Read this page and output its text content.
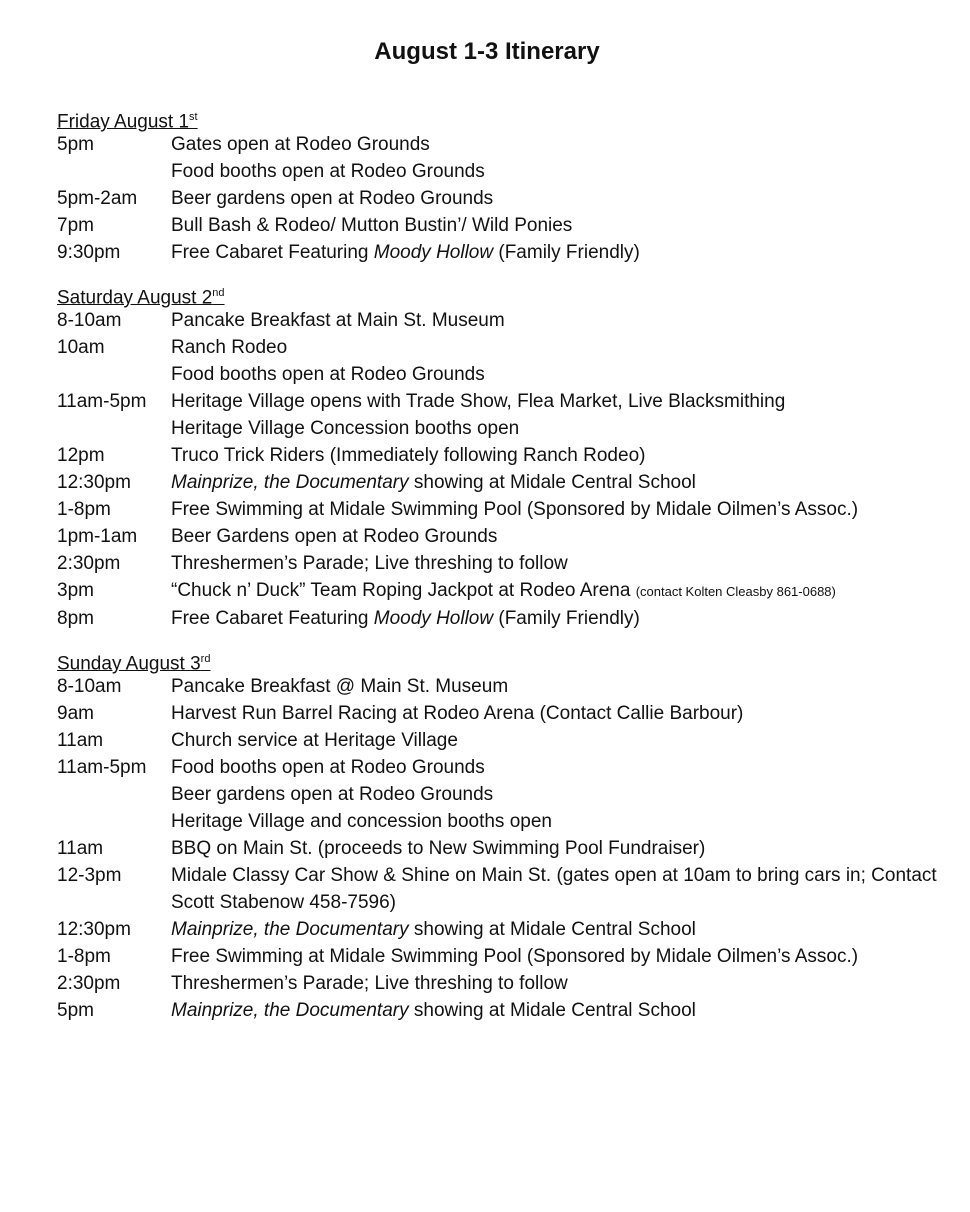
August 1-3 Itinerary
Friday August 1st
5pm	Gates open at Rodeo Grounds
Food booths open at Rodeo Grounds
5pm-2am	Beer gardens open at Rodeo Grounds
7pm	Bull Bash & Rodeo/ Mutton Bustin’/ Wild Ponies
9:30pm	Free Cabaret Featuring Moody Hollow (Family Friendly)
Saturday August 2nd
8-10am	Pancake Breakfast at Main St. Museum
10am	Ranch Rodeo
Food booths open at Rodeo Grounds
11am-5pm	Heritage Village opens with Trade Show, Flea Market, Live Blacksmithing
Heritage Village Concession booths open
12pm	Truco Trick Riders (Immediately following Ranch Rodeo)
12:30pm	Mainprize, the Documentary showing at Midale Central School
1-8pm	Free Swimming at Midale Swimming Pool (Sponsored by Midale Oilmen’s Assoc.)
1pm-1am	Beer Gardens open at Rodeo Grounds
2:30pm	Threshermen’s Parade; Live threshing to follow
3pm	“Chuck n’ Duck” Team Roping Jackpot at Rodeo Arena (contact Kolten Cleasby 861-0688)
8pm	Free Cabaret Featuring Moody Hollow (Family Friendly)
Sunday August 3rd
8-10am	Pancake Breakfast @ Main St. Museum
9am	Harvest Run Barrel Racing at Rodeo Arena (Contact Callie Barbour)
11am	Church service at Heritage Village
11am-5pm	Food booths open at Rodeo Grounds
Beer gardens open at Rodeo Grounds
Heritage Village and concession booths open
11am	BBQ on Main St. (proceeds to New Swimming Pool Fundraiser)
12-3pm	Midale Classy Car Show & Shine on Main St. (gates open at 10am to bring cars in; Contact Scott Stabenow 458-7596)
12:30pm	Mainprize, the Documentary showing at Midale Central School
1-8pm	Free Swimming at Midale Swimming Pool (Sponsored by Midale Oilmen’s Assoc.)
2:30pm	Threshermen’s Parade; Live threshing to follow
5pm	Mainprize, the Documentary showing at Midale Central School
